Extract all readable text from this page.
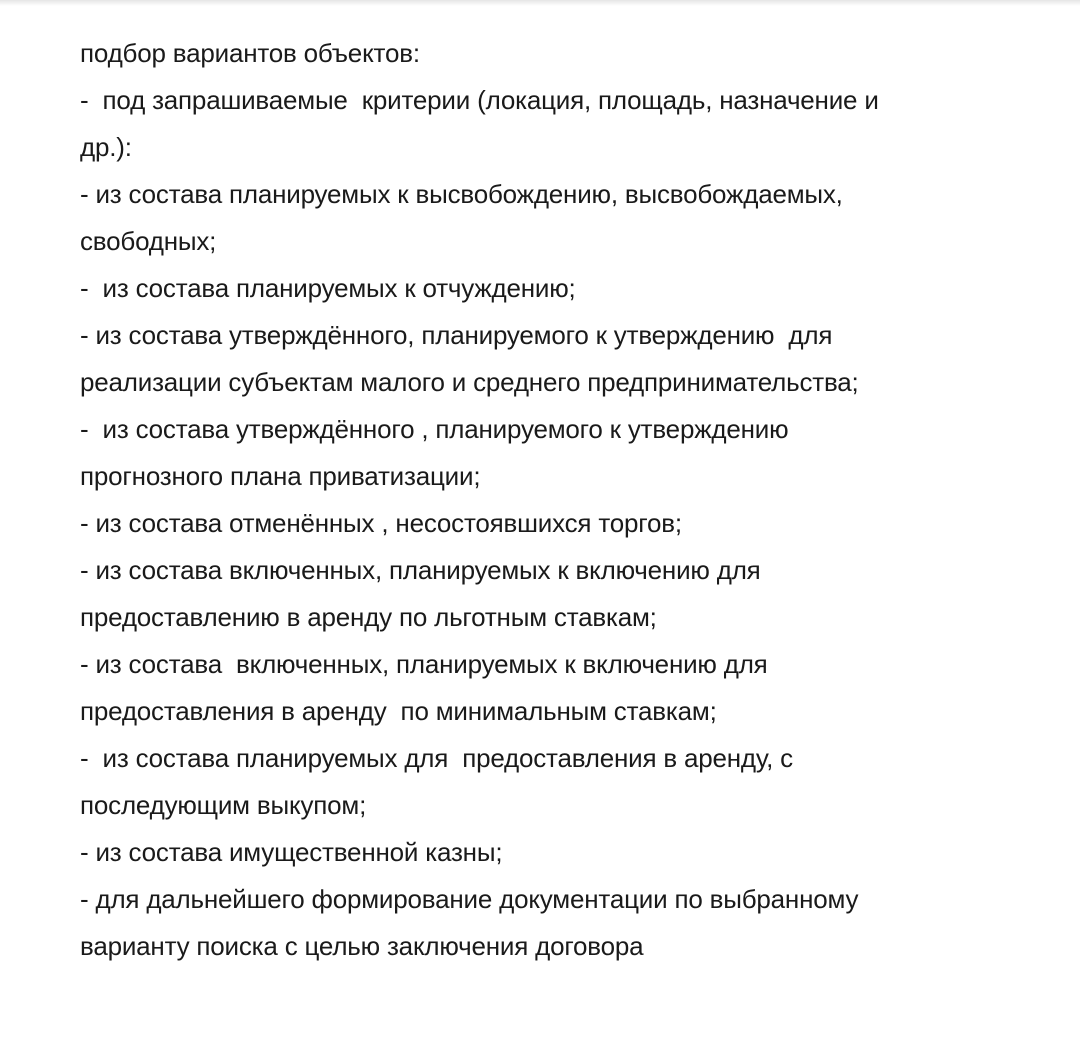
подбор вариантов объектов:
-  под запрашиваемые  критерии (локация, площадь, назначение и
др.):
- из состава планируемых к высвобождению, высвобождаемых,
свободных;
-  из состава планируемых к отчуждению;
- из состава утверждённого, планируемого к утверждению  для
реализации субъектам малого и среднего предпринимательства;
-  из состава утверждённого , планируемого к утверждению
прогнозного плана приватизации;
- из состава отменённых , несостоявшихся торгов;
- из состава включенных, планируемых к включению для
предоставлению в аренду по льготным ставкам;
- из состава  включенных, планируемых к включению для
предоставления в аренду  по минимальным ставкам;
-  из состава планируемых для  предоставления в аренду, с
последующим выкупом;
- из состава имущественной казны;
- для дальнейшего формирование документации по выбранному
варианту поиска с целью заключения договора
